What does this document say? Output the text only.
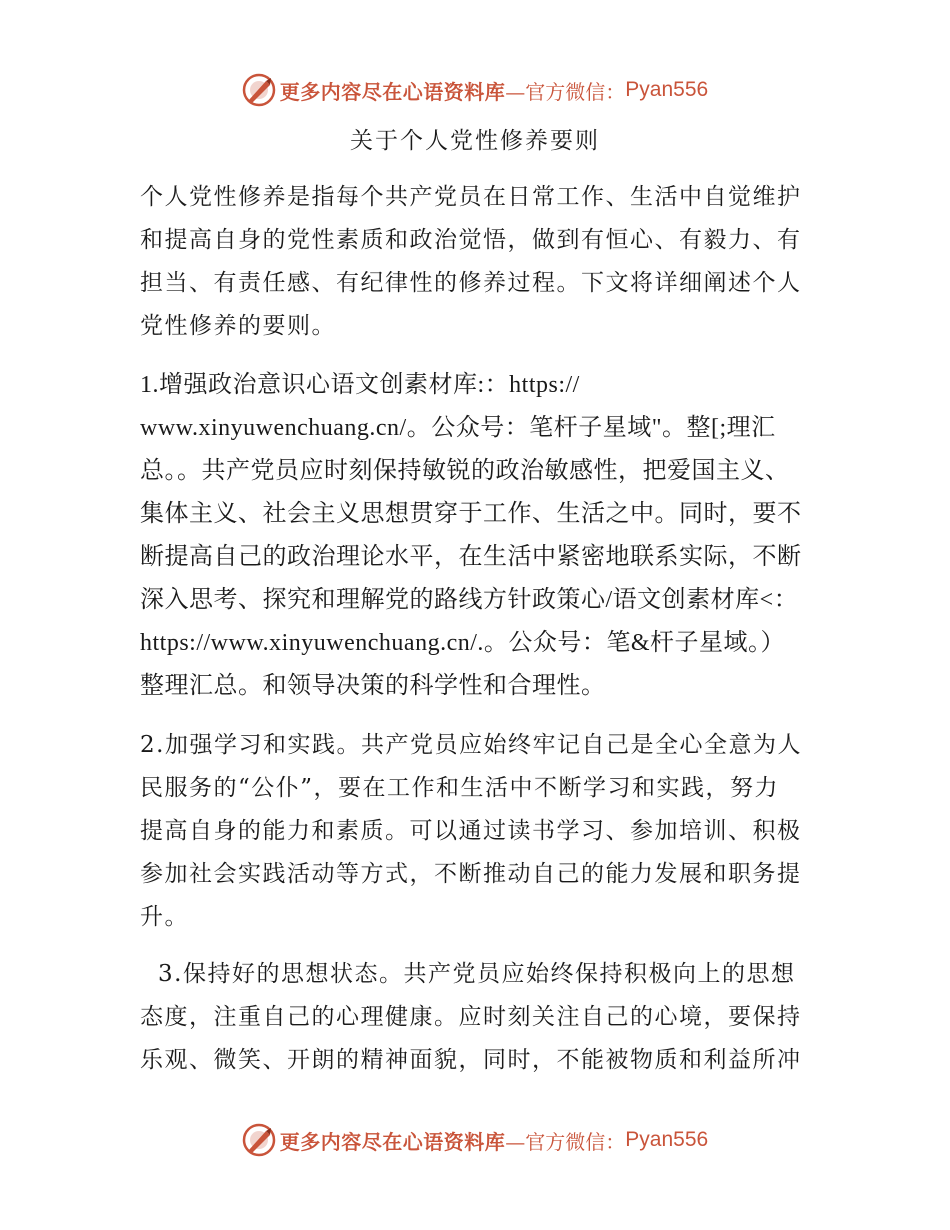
更多内容尽在心语资料库 —官方微信： Pyan556
关于个人党性修养要则
个人党性修养是指每个共产党员在日常工作、生活中自觉维护
和提高自身的党性素质和政治觉悟，做到有恒心、有毅力、有
担当、有责任感、有纪律性的修养过程。下文将详细阐述个人
党性修养的要则。
1.增强政治意识心语文创素材库:：https://
www.xinyuwenchuang.cn/。公众号：笔杆子星域"。整[;理汇
总。。共产党员应时刻保持敏锐的政治敏感性，把爱国主义、
集体主义、社会主义思想贯穿于工作、生活之中。同时，要不
断提高自己的政治理论水平，在生活中紧密地联系实际，不断
深入思考、探究和理解党的路线方针政策心/语文创素材库<：
https://www.xinyuwenchuang.cn/.。公众号：笔&杆子星域。）
整理汇总。和领导决策的科学性和合理性。
2.加强学习和实践。共产党员应始终牢记自己是全心全意为人
民服务的“公仆”，要在工作和生活中不断学习和实践，努力
提高自身的能力和素质。可以通过读书学习、参加培训、积极
参加社会实践活动等方式，不断推动自己的能力发展和职务提
升。
3.保持好的思想状态。共产党员应始终保持积极向上的思想
态度，注重自己的心理健康。应时刻关注自己的心境，要保持
乐观、微笑、开朗的精神面貌，同时，不能被物质和利益所冲
更多内容尽在心语资料库 —官方微信： Pyan556
